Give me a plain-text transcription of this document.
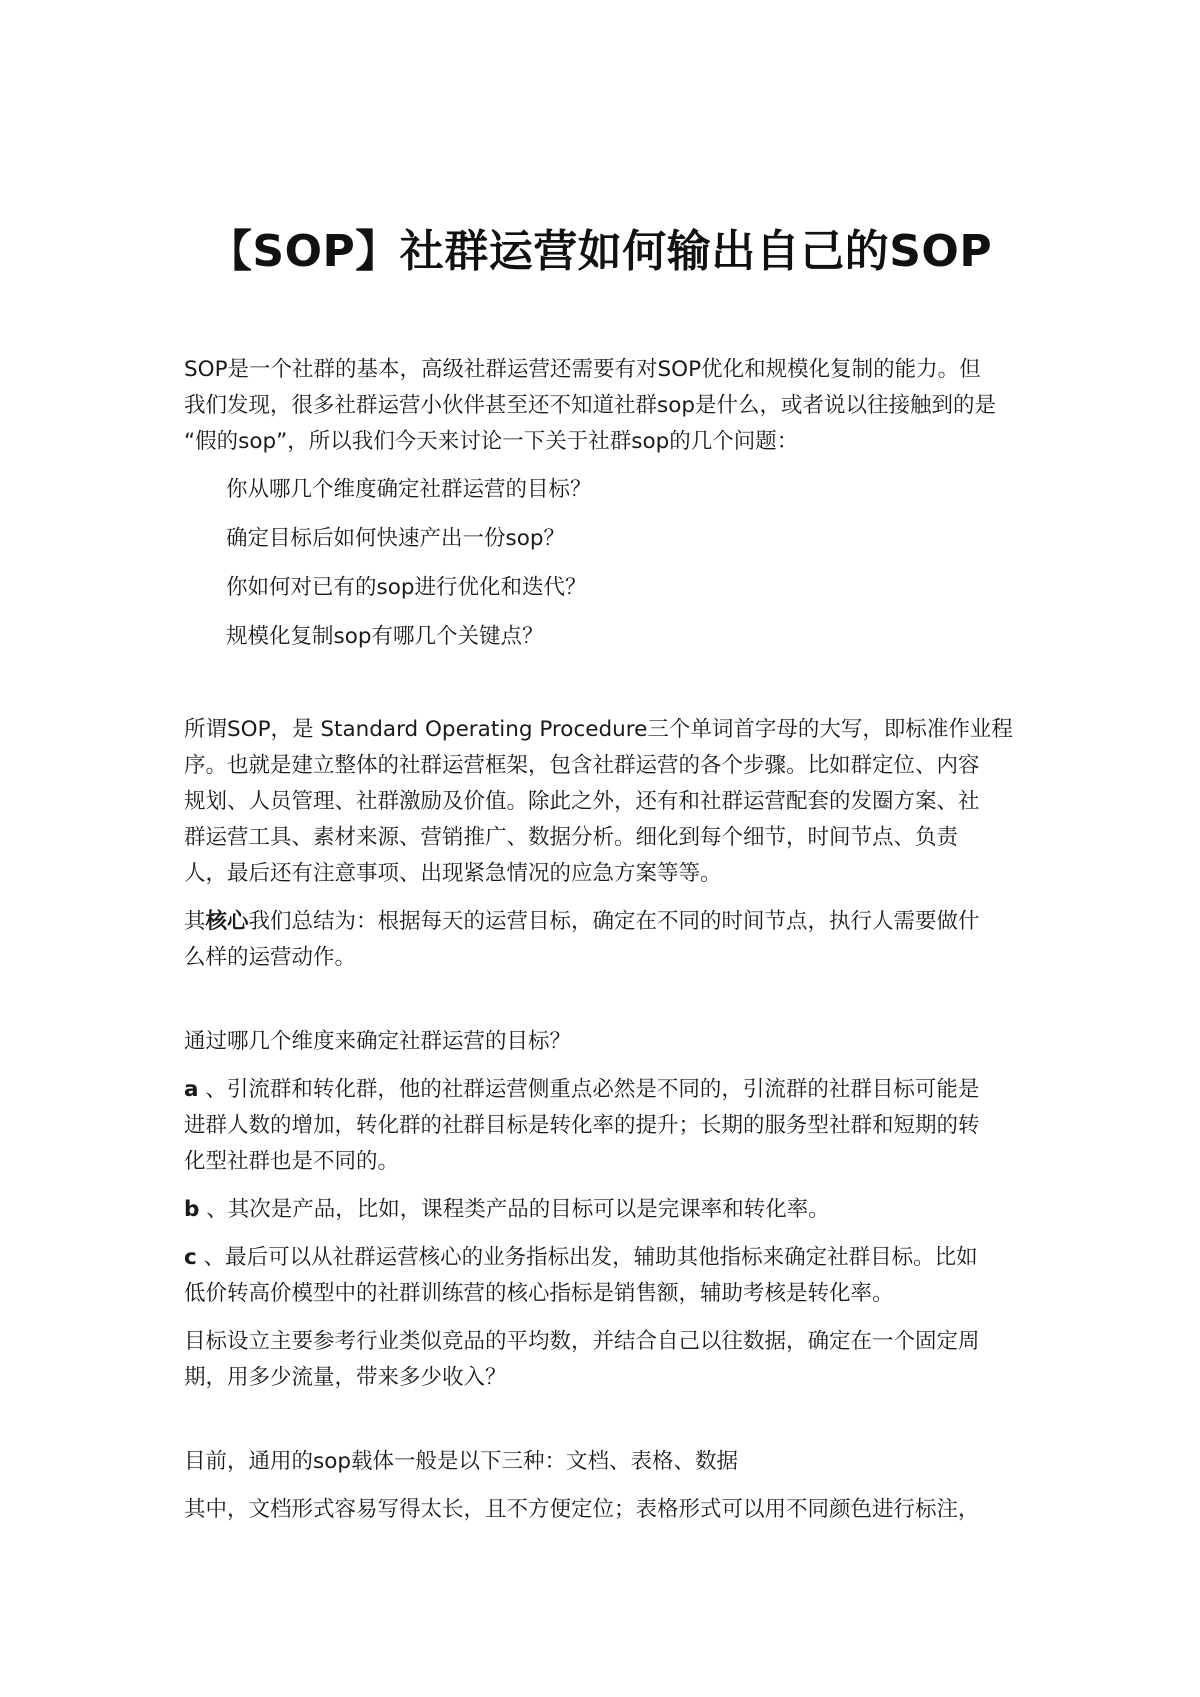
【SOP】社群运营如何输出自己的SOP

SOP是一个社群的基本，高级社群运营还需要有对SOP优化和规模化复制的能力。但
我们发现，很多社群运营小伙伴甚至还不知道社群sop是什么，或者说以往接触到的是
“假的sop”，所以我们今天来讨论一下关于社群sop的几个问题：

你从哪几个维度确定社群运营的目标？
确定目标后如何快速产出一份sop？
你如何对已有的sop进行优化和迭代？
规模化复制sop有哪几个关键点？

所谓SOP，是 Standard Operating Procedure三个单词首字母的大写，即标准作业程
序。也就是建立整体的社群运营框架，包含社群运营的各个步骤。比如群定位、内容
规划、人员管理、社群激励及价值。除此之外，还有和社群运营配套的发圈方案、社
群运营工具、素材来源、营销推广、数据分析。细化到每个细节，时间节点、负责
人，最后还有注意事项、出现紧急情况的应急方案等等。

其核心我们总结为：根据每天的运营目标，确定在不同的时间节点，执行人需要做什
么样的运营动作。

通过哪几个维度来确定社群运营的目标？

a 、引流群和转化群，他的社群运营侧重点必然是不同的，引流群的社群目标可能是
进群人数的增加，转化群的社群目标是转化率的提升；长期的服务型社群和短期的转
化型社群也是不同的。

b 、其次是产品，比如，课程类产品的目标可以是完课率和转化率。

c 、最后可以从社群运营核心的业务指标出发，辅助其他指标来确定社群目标。比如
低价转高价模型中的社群训练营的核心指标是销售额，辅助考核是转化率。

目标设立主要参考行业类似竞品的平均数，并结合自己以往数据，确定在一个固定周
期，用多少流量，带来多少收入？

目前，通用的sop载体一般是以下三种：文档、表格、数据

其中，文档形式容易写得太长，且不方便定位；表格形式可以用不同颜色进行标注，
